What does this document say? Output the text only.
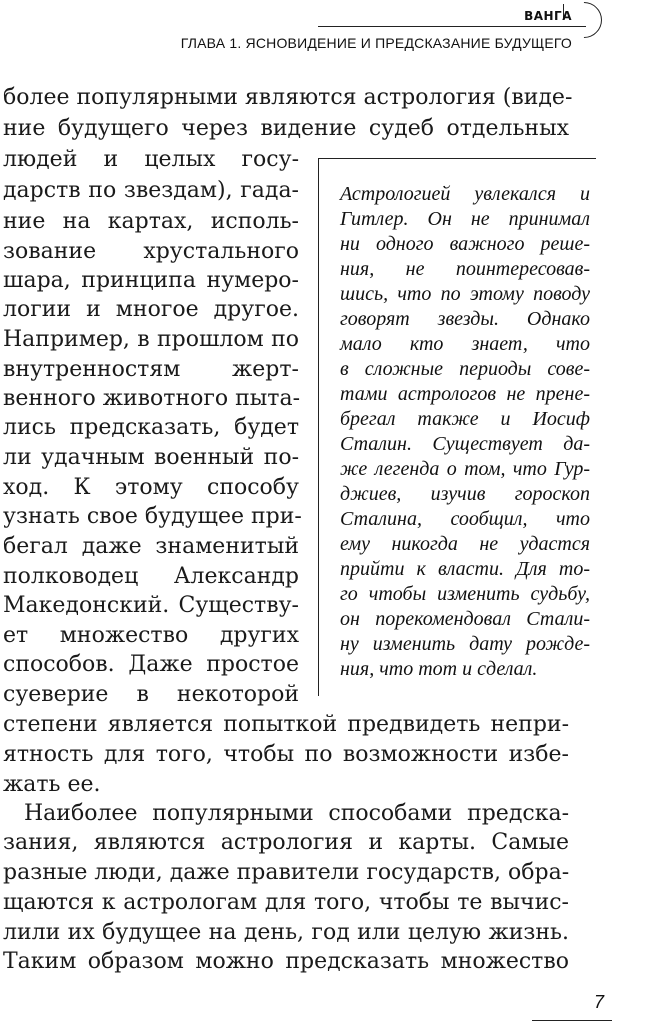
ВАНГА
ГЛАВА 1. ЯСНОВИДЕНИЕ И ПРЕДСКАЗАНИЕ БУДУЩЕГО
более популярными являются астрология (виде-
ние будущего через видение судеб отдельных
людей и целых госу-
дарств по звездам), гада-
ние на картах, исполь-
зование хрустального
шара, принципа нумеро-
логии и многое другое.
Например, в прошлом по
внутренностям жерт-
венного животного пыта-
лись предсказать, будет
ли удачным военный по-
ход. К этому способу
узнать свое будущее при-
бегал даже знаменитый
полководец Александр
Македонский. Существу-
ет множество других
способов. Даже простое
суеверие в некоторой
степени является попыткой предвидеть непри-
ятность для того, чтобы по возможности избе-
жать ее.
Наиболее популярными способами предска-
зания, являются астрология и карты. Самые
разные люди, даже правители государств, обра-
щаются к астрологам для того, чтобы те вычис-
лили их будущее на день, год или целую жизнь.
Таким образом можно предсказать множество
Астрологией увлекался и
Гитлер. Он не принимал
ни одного важного реше-
ния, не поинтересовав-
шись, что по этому поводу
говорят звезды. Однако
мало кто знает, что
в сложные периоды сове-
тами астрологов не прене-
брегал также и Иосиф
Сталин. Существует да-
же легенда о том, что Гур-
джиев, изучив гороскоп
Сталина, сообщил, что
ему никогда не удастся
прийти к власти. Для то-
го чтобы изменить судьбу,
он порекомендовал Стали-
ну изменить дату рожде-
ния, что тот и сделал.
7
